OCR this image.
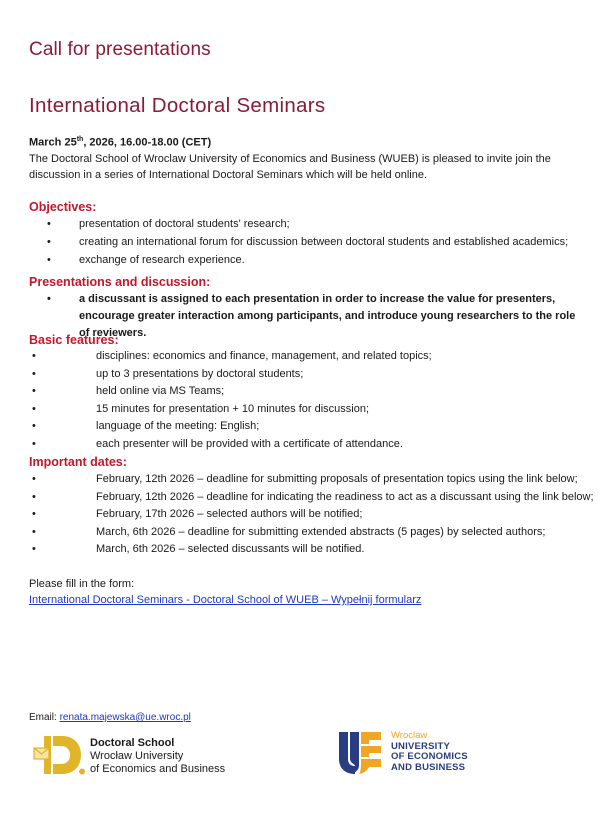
Call for presentations
International Doctoral Seminars
March 25th, 2026, 16.00-18.00 (CET)
The Doctoral School of Wroclaw University of Economics and Business (WUEB) is pleased to invite join the discussion in a series of International Doctoral Seminars which will be held online.
Objectives:
•	presentation of doctoral students' research;
•	creating an international forum for discussion between doctoral students and established academics;
•	exchange of research experience.
Presentations and discussion:
•	a discussant is assigned to each presentation in order to increase the value for presenters, encourage greater interaction among participants, and introduce young researchers to the role of reviewers.
Basic features:
•	disciplines: economics and finance, management, and related topics;
•	up to 3 presentations by doctoral students;
•	held online via MS Teams;
•	15 minutes for presentation + 10 minutes for discussion;
•	language of the meeting: English;
•	each presenter will be provided with a certificate of attendance.
Important dates:
•	February, 12th 2026 – deadline for submitting proposals of presentation topics using the link below;
•	February, 12th 2026 – deadline for indicating the readiness to act as a discussant using the link below;
•	February, 17th 2026 – selected authors will be notified;
•	March, 6th 2026 – deadline for submitting extended abstracts (5 pages) by selected authors;
•	March, 6th 2026 – selected discussants will be notified.
Please fill in the form:
International Doctoral Seminars - Doctoral School of WUEB – Wypełnij formularz
Email: renata.majewska@ue.wroc.pl
Doctoral School
Wrocław University
of Economics and Business
Wroclaw
UNIVERSITY
OF ECONOMICS
AND BUSINESS
